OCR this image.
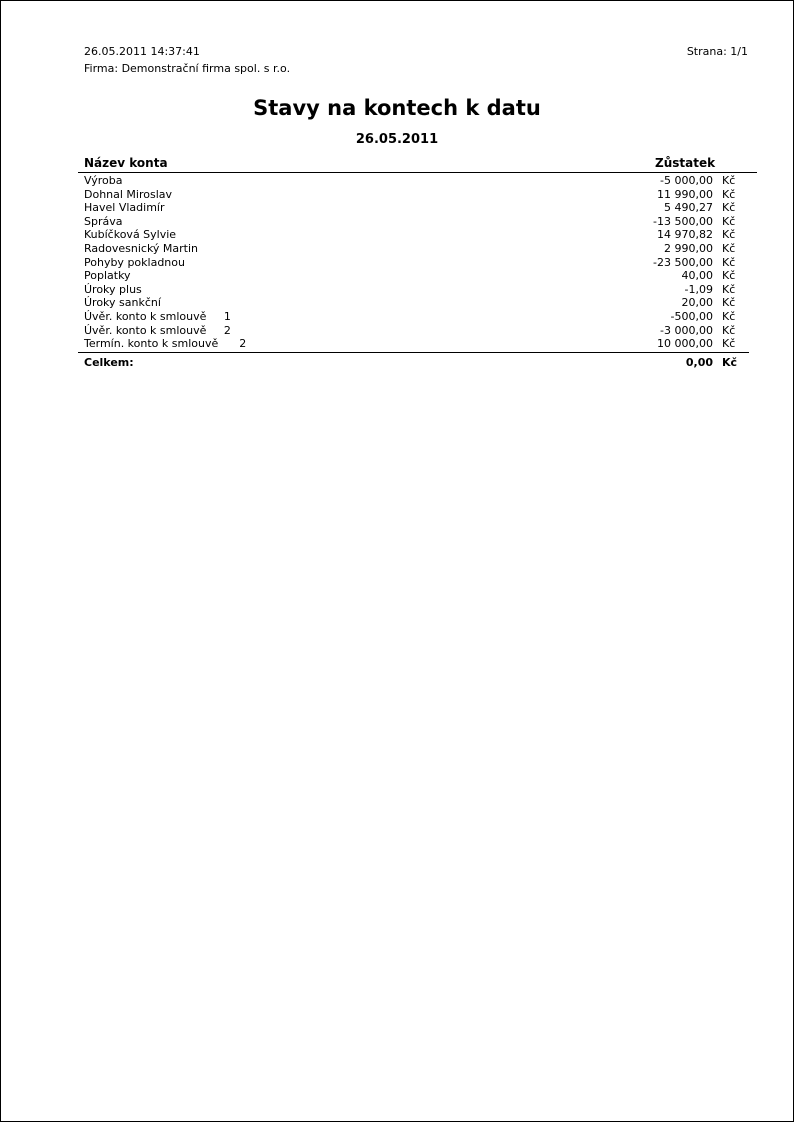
26.05.2011 14:37:41
Firma: Demonstrační firma spol. s r.o.
Strana: 1/1
Stavy na kontech k datu
26.05.2011
Název konta	Zůstatek
Výroba	-5 000,00 Kč
Dohnal Miroslav	11 990,00 Kč
Havel Vladimír	5 490,27 Kč
Správa	-13 500,00 Kč
Kubíčková Sylvie	14 970,82 Kč
Radovesnický Martin	2 990,00 Kč
Pohyby pokladnou	-23 500,00 Kč
Poplatky	40,00 Kč
Úroky plus	-1,09 Kč
Úroky sankční	20,00 Kč
Úvěr. konto k smlouvě     1	-500,00 Kč
Úvěr. konto k smlouvě     2	-3 000,00 Kč
Termín. konto k smlouvě      2	10 000,00 Kč
Celkem:	0,00 Kč
